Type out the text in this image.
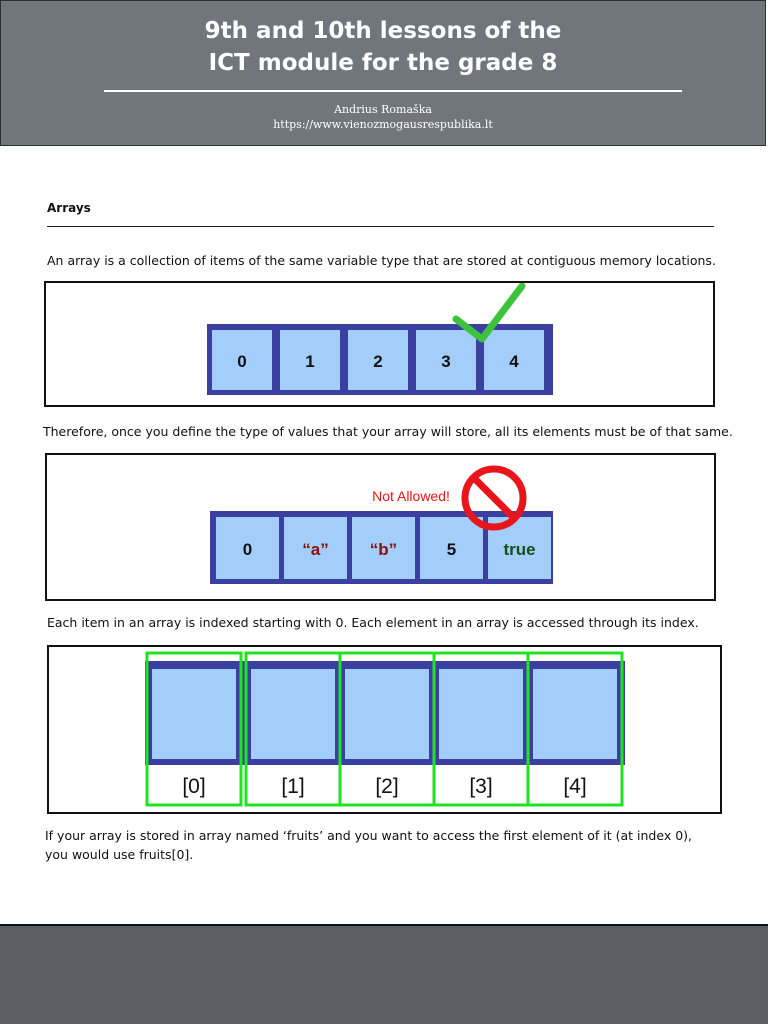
9th and 10th lessons of the
ICT module for the grade 8
Andrius Romaška
https://www.vienozmogausrespublika.lt
Arrays

An array is a collection of items of the same variable type that are stored at contiguous memory locations.

0	1	2	3	4

Therefore, once you define the type of values that your array will store, all its elements must be of that same.

Not Allowed!
0	“a” “b”	5	true

Each item in an array is indexed starting with 0. Each element in an array is accessed through its index.

[0]	[1]	[2]	[3]	[4]

If your array is stored in array named ‘fruits’ and you want to access the first element of it (at index 0), you would use fruits[0].
